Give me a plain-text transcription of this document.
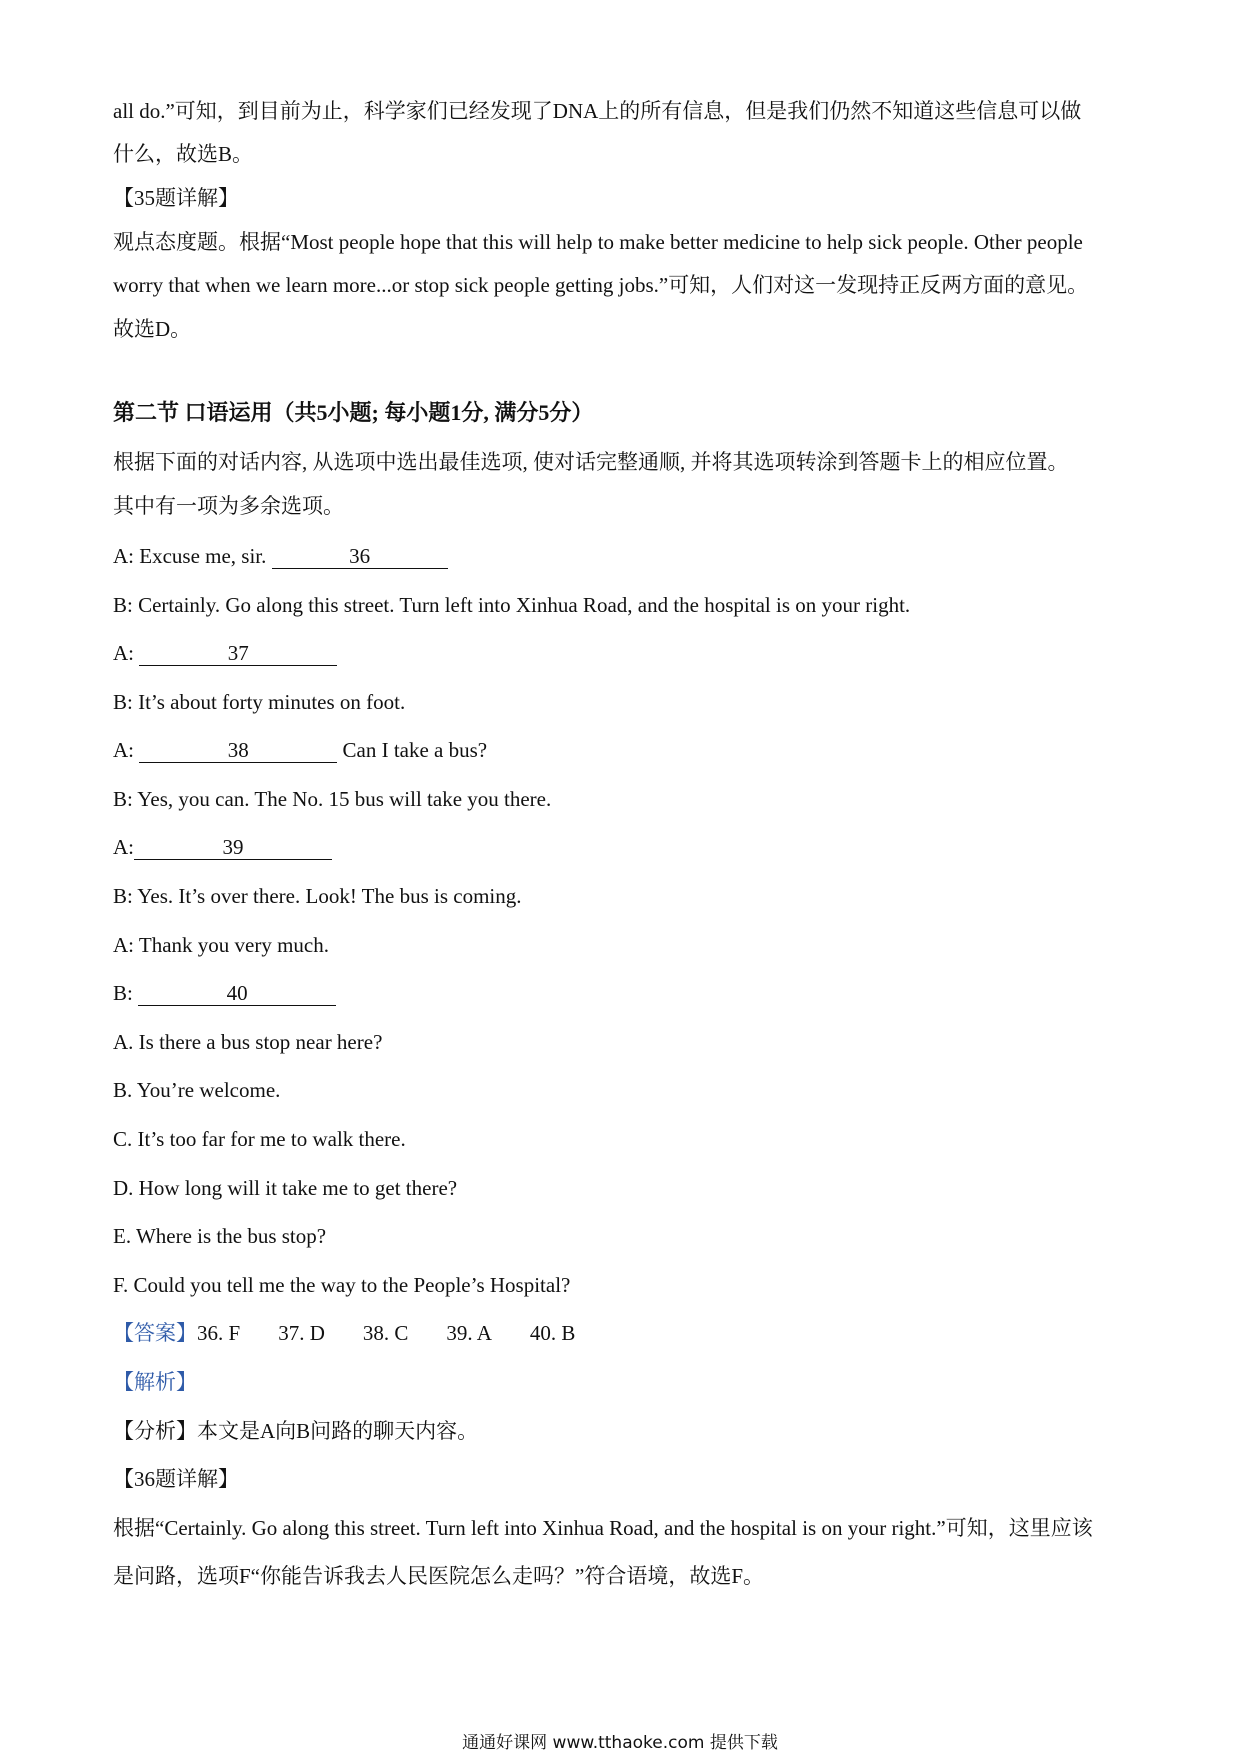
all do.”可知，到目前为止，科学家们已经发现了DNA上的所有信息，但是我们仍然不知道这些信息可以做
什么，故选B。
【35题详解】
观点态度题。根据“Most people hope that this will help to make better medicine to help sick people. Other people
worry that when we learn more...or stop sick people getting jobs.”可知，人们对这一发现持正反两方面的意见。
故选D。
第二节 口语运用（共5小题; 每小题1分, 满分5分）
根据下面的对话内容, 从选项中选出最佳选项, 使对话完整通顺, 并将其选项转涂到答题卡上的相应位置。
其中有一项为多余选项。
A: Excuse me, sir.	36
B: Certainly. Go along this street. Turn left into Xinhua Road, and the hospital is on your right.
A:	37
B: It’s about forty minutes on foot.
A:	38	Can I take a bus?
B: Yes, you can. The No. 15 bus will take you there.
A:	39
B: Yes. It’s over there. Look! The bus is coming.
A: Thank you very much.
B:	40
A. Is there a bus stop near here?
B. You’re welcome.
C. It’s too far for me to walk there.
D. How long will it take me to get there?
E. Where is the bus stop?
F. Could you tell me the way to the People’s Hospital?
【答案】36. F 37. D 38. C 39. A 40. B
【解析】
【分析】本文是A向B问路的聊天内容。
【36题详解】
根据“Certainly. Go along this street. Turn left into Xinhua Road, and the hospital is on your right.”可知，这里应该
是问路，选项F“你能告诉我去人民医院怎么走吗？”符合语境，故选F。
通通好课网 www.tthaoke.com 提供下载
